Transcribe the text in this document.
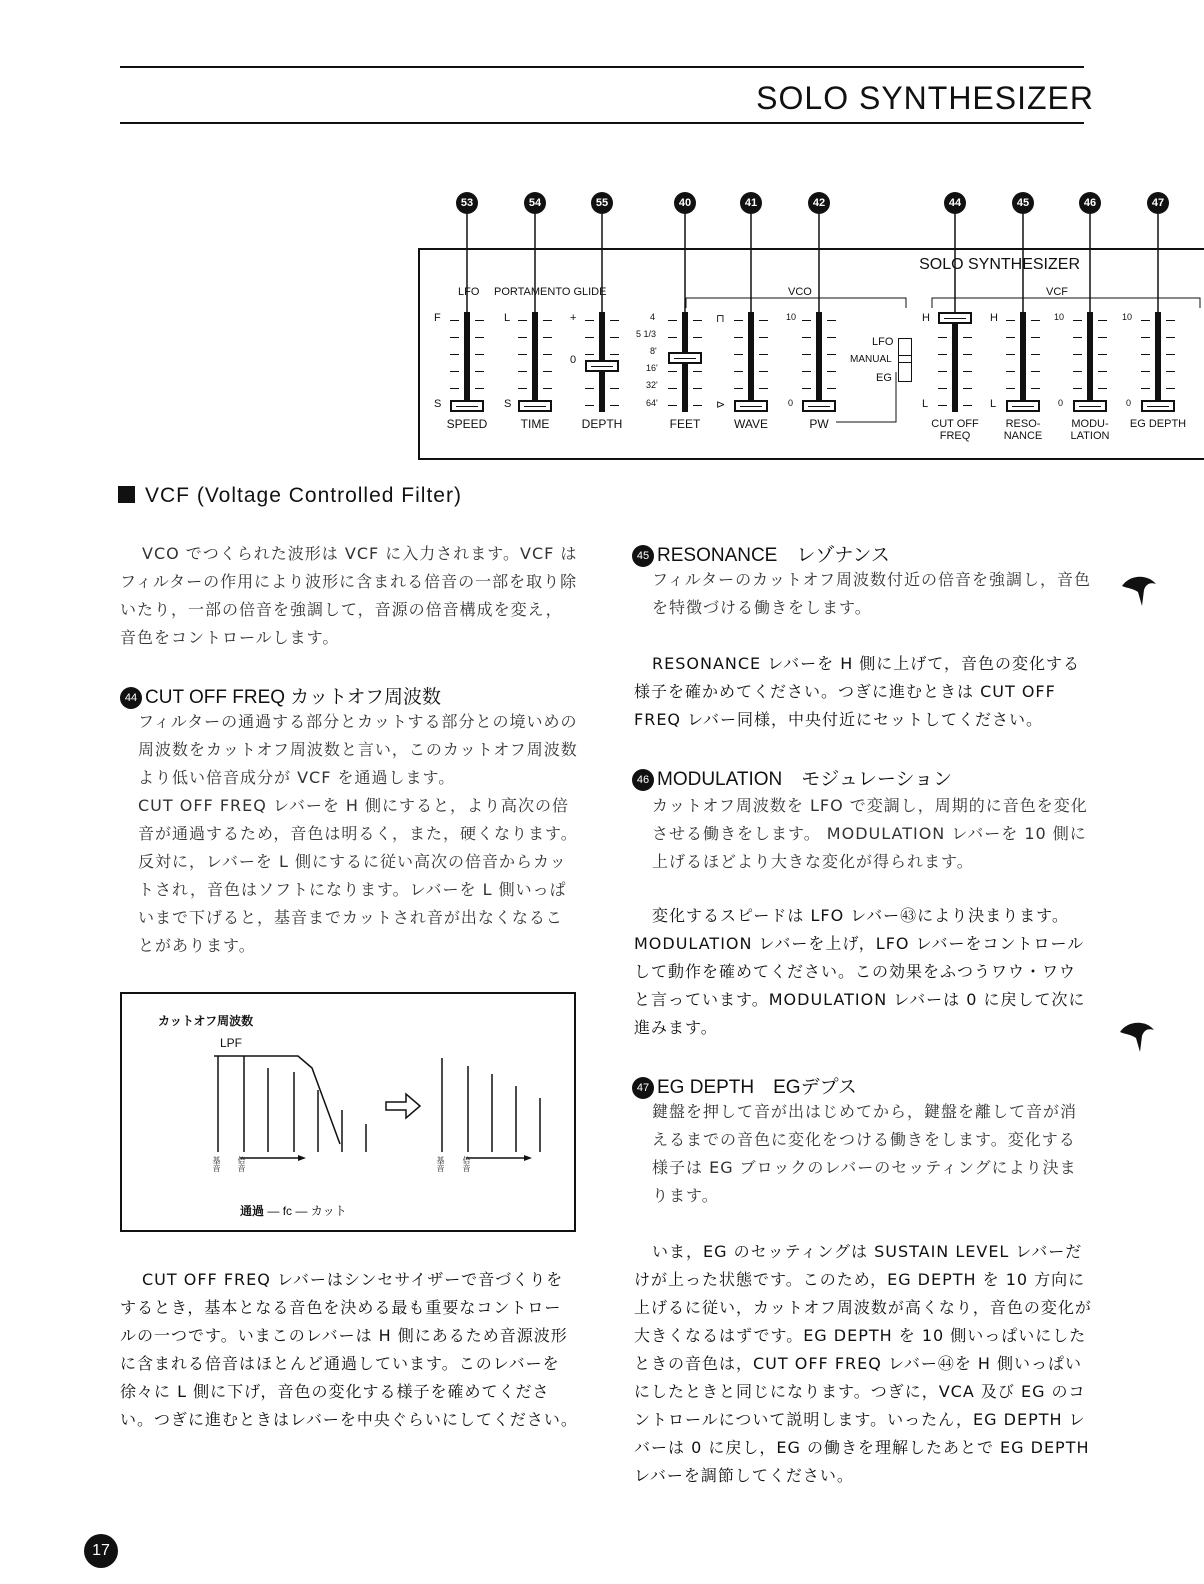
SOLO SYNTHESIZER
53	54	55	40	41	42	44	45	46	47
SOLO SYNTHESIZER
LFO PORTAMENTO GLIDE	VCO	VCF
F
S
L
S
+
0
4
5 1/3
8'
16'
32'
64'
⊓
⊳
10
0
LFO
MANUAL
EG
H
L
H
L
10
0
10
0
SPEED	TIME	DEPTH	FEET	WAVE	PW	CUT OFF FREQ
RESO- NANCE
MODU- LATION
EG DEPTH
VCF (Voltage Controlled Filter)
VCO でつくられた波形は VCF に入力されます。VCF はフィルターの作用により波形に含まれる倍音の一部を取り除いたり，一部の倍音を強調して，音源の倍音構成を変え，音色をコントロールします。
44 CUT OFF FREQ カットオフ周波数
フィルターの通過する部分とカットする部分との境いめの周波数をカットオフ周波数と言い，このカットオフ周波数より低い倍音成分が VCF を通過します。
CUT OFF FREQ レバーを H 側にすると，より高次の倍音が通過するため，音色は明るく，また，硬くなります。反対に，レバーを L 側にするに従い高次の倍音からカットされ，音色はソフトになります。レバーを L 側いっぱいまで下げると，基音までカットされ音が出なくなることがあります。
カットオフ周波数
LPF
基音 倍音	基音 倍音
通過 ― fc ― カット
CUT OFF FREQ レバーはシンセサイザーで音づくりをするとき，基本となる音色を決める最も重要なコントロールの一つです。いまこのレバーは H 側にあるため音源波形に含まれる倍音はほとんど通過しています。このレバーを徐々に L 側に下げ，音色の変化する様子を確めてください。つぎに進むときはレバーを中央ぐらいにしてください。
45 RESONANCE　レゾナンス
フィルターのカットオフ周波数付近の倍音を強調し，音色を特徴づける働きをします。
RESONANCE レバーを H 側に上げて，音色の変化する様子を確かめてください。つぎに進むときは CUT OFF FREQ レバー同様，中央付近にセットしてください。
46 MODULATION　モジュレーション
カットオフ周波数を LFO で変調し，周期的に音色を変化させる働きをします。 MODULATION レバーを 10 側に上げるほどより大きな変化が得られます。
変化するスピードは LFO レバー㊸により決まります。MODULATION レバーを上げ，LFO レバーをコントロールして動作を確めてください。この効果をふつうワウ・ワウと言っています。MODULATION レバーは 0 に戻して次に進みます。
47 EG DEPTH　EGデプス
鍵盤を押して音が出はじめてから，鍵盤を離して音が消えるまでの音色に変化をつける働きをします。変化する様子は EG ブロックのレバーのセッティングにより決まります。
いま，EG のセッティングは SUSTAIN LEVEL レバーだけが上った状態です。このため，EG DEPTH を 10 方向に上げるに従い，カットオフ周波数が高くなり，音色の変化が大きくなるはずです。EG DEPTH を 10 側いっぱいにしたときの音色は，CUT OFF FREQ レバー㊹を H 側いっぱいにしたときと同じになります。つぎに，VCA 及び EG のコントロールについて説明します。いったん，EG DEPTH レバーは 0 に戻し，EG の働きを理解したあとで EG DEPTH レバーを調節してください。
17
